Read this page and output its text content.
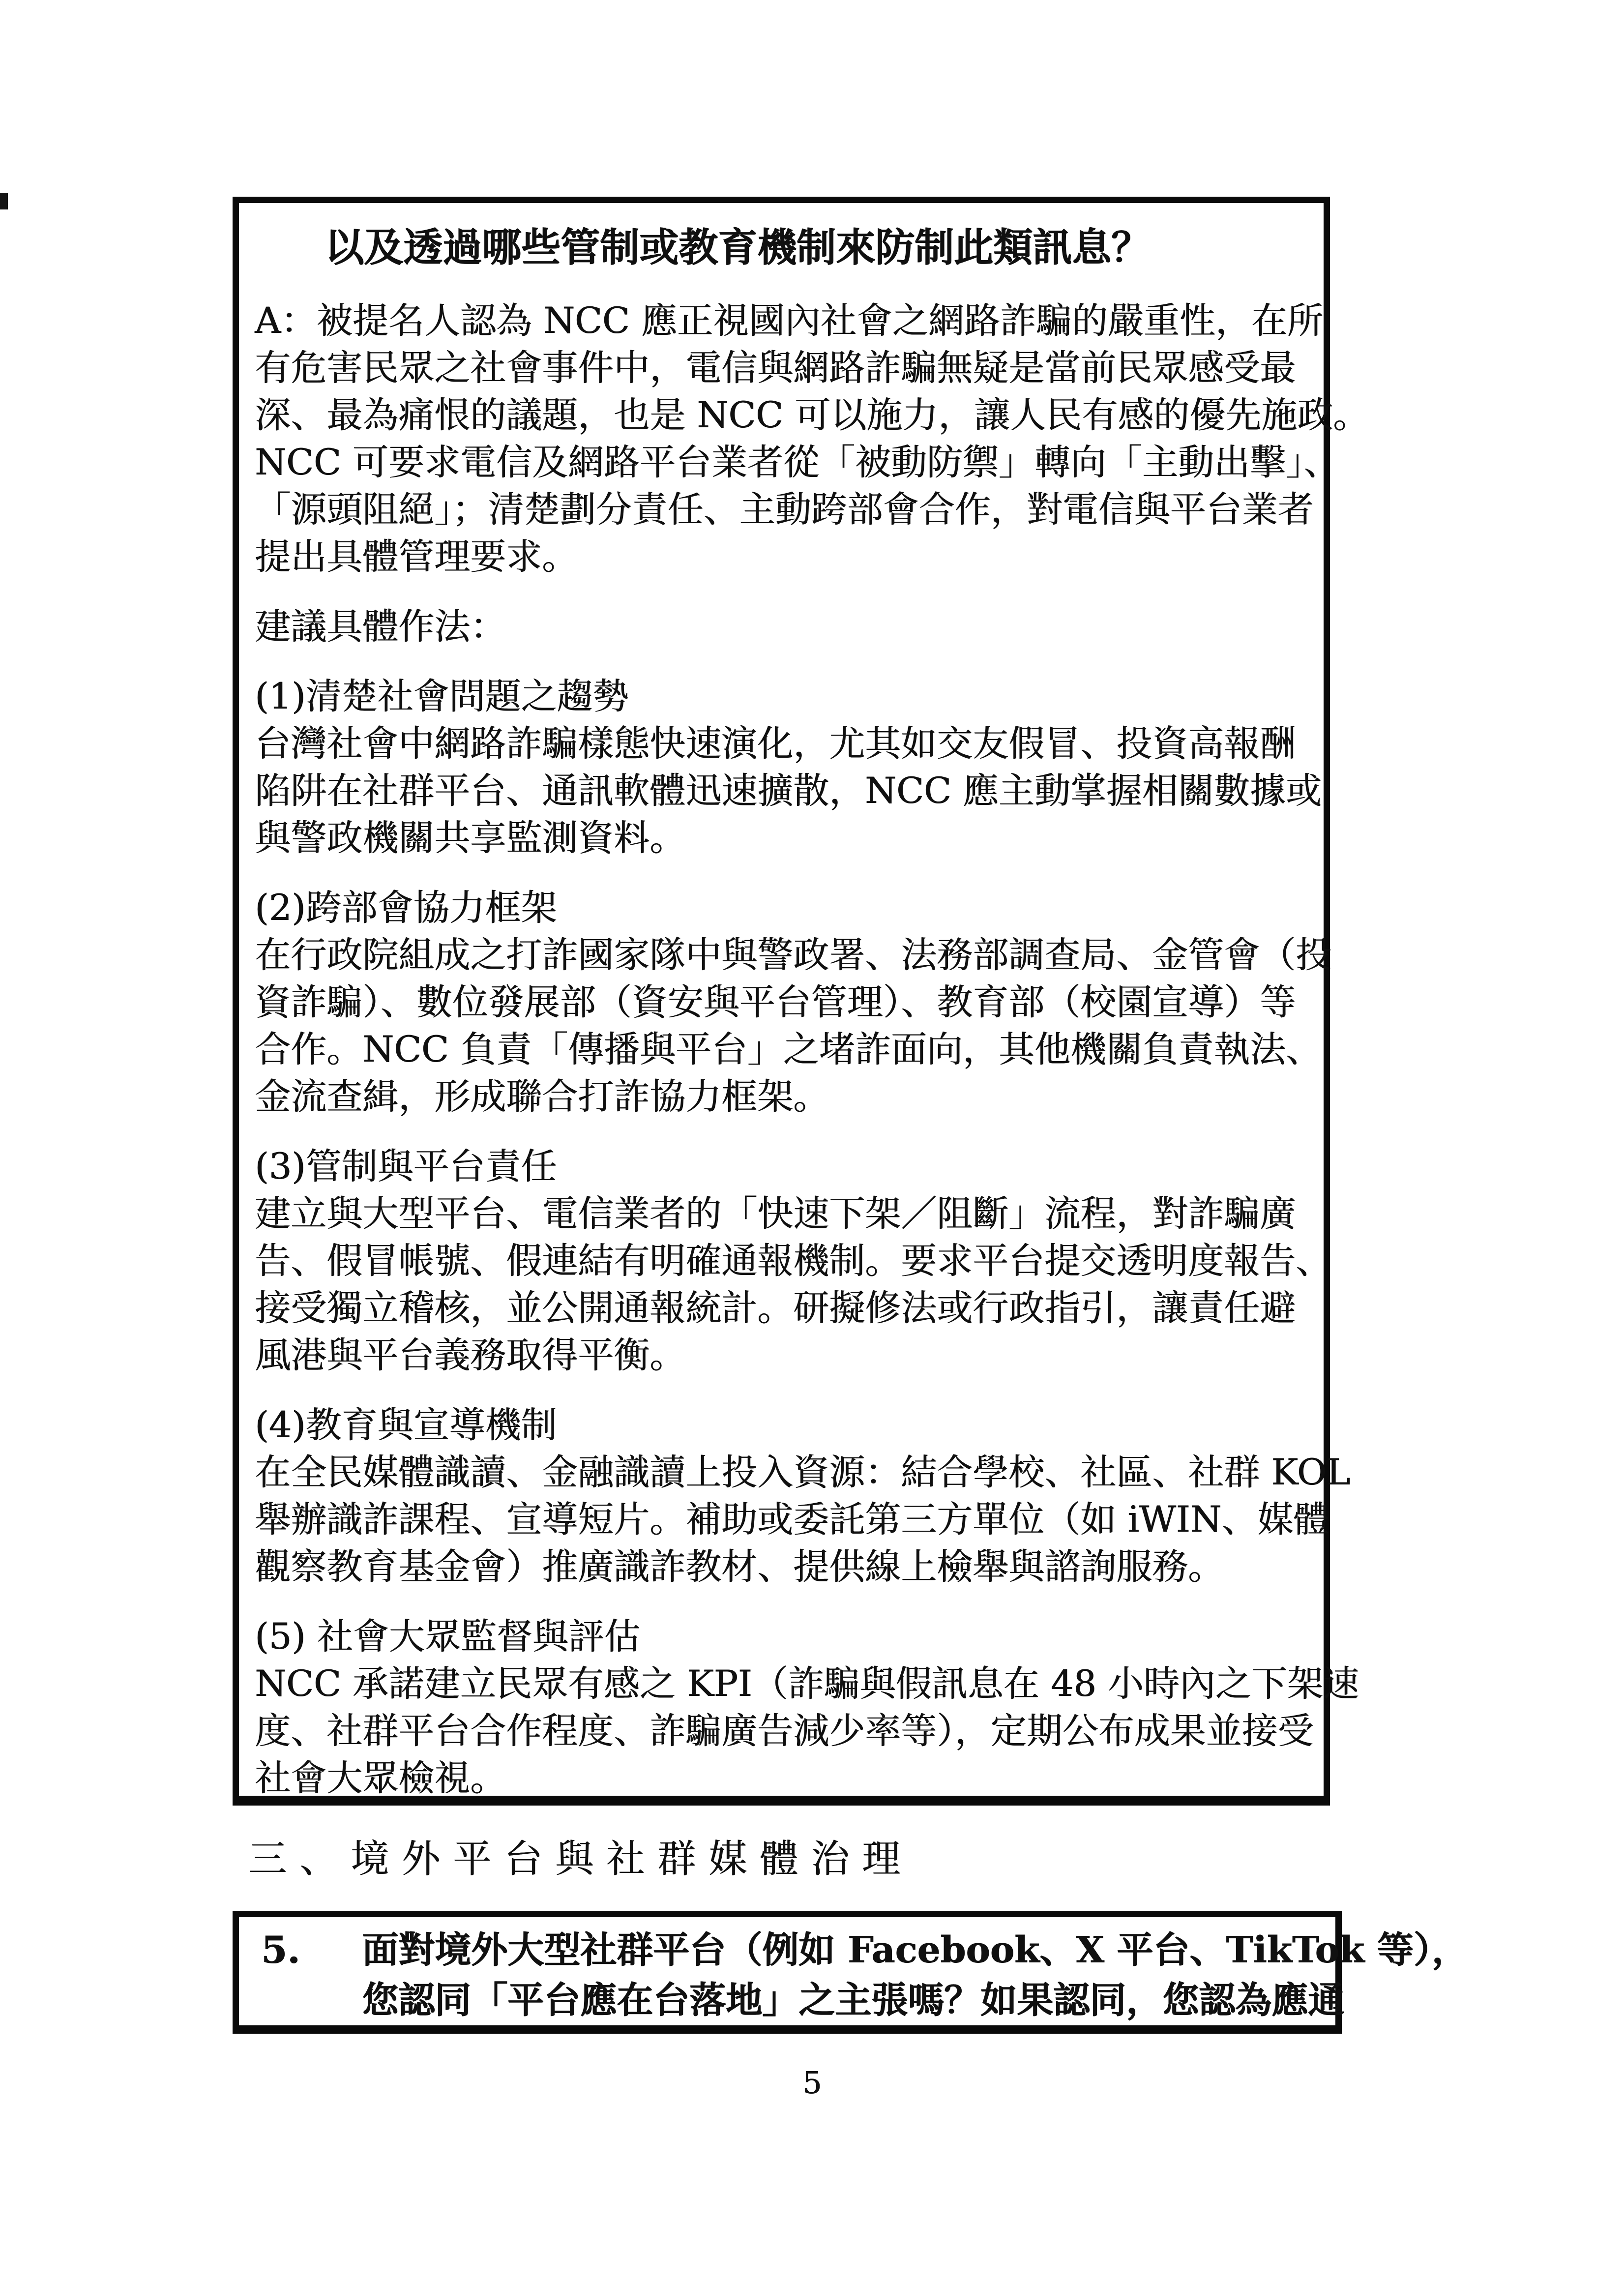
以及透過哪些管制或教育機制來防制此類訊息？
A：被提名人認為 NCC 應正視國內社會之網路詐騙的嚴重性，在所
有危害民眾之社會事件中，電信與網路詐騙無疑是當前民眾感受最
深、最為痛恨的議題，也是 NCC 可以施力，讓人民有感的優先施政。
NCC 可要求電信及網路平台業者從「被動防禦」轉向「主動出擊」、
「源頭阻絕」；清楚劃分責任、主動跨部會合作，對電信與平台業者
提出具體管理要求。
建議具體作法：
(1)清楚社會問題之趨勢
台灣社會中網路詐騙樣態快速演化，尤其如交友假冒、投資高報酬
陷阱在社群平台、通訊軟體迅速擴散，NCC 應主動掌握相關數據或
與警政機關共享監測資料。
(2)跨部會協力框架
在行政院組成之打詐國家隊中與警政署、法務部調查局、金管會（投
資詐騙）、數位發展部（資安與平台管理）、教育部（校園宣導）等
合作。NCC 負責「傳播與平台」之堵詐面向，其他機關負責執法、
金流查緝，形成聯合打詐協力框架。
(3)管制與平台責任
建立與大型平台、電信業者的「快速下架／阻斷」流程，對詐騙廣
告、假冒帳號、假連結有明確通報機制。要求平台提交透明度報告、
接受獨立稽核，並公開通報統計。研擬修法或行政指引，讓責任避
風港與平台義務取得平衡。
(4)教育與宣導機制
在全民媒體識讀、金融識讀上投入資源：結合學校、社區、社群 KOL
舉辦識詐課程、宣導短片。補助或委託第三方單位（如 iWIN、媒體
觀察教育基金會）推廣識詐教材、提供線上檢舉與諮詢服務。
(5) 社會大眾監督與評估
NCC 承諾建立民眾有感之 KPI（詐騙與假訊息在 48 小時內之下架速
度、社群平台合作程度、詐騙廣告減少率等），定期公布成果並接受
社會大眾檢視。
三、境外平台與社群媒體治理
5.	面對境外大型社群平台（例如 Facebook、X 平台、TikTok 等），
您認同「平台應在台落地」之主張嗎？如果認同，您認為應通
5
